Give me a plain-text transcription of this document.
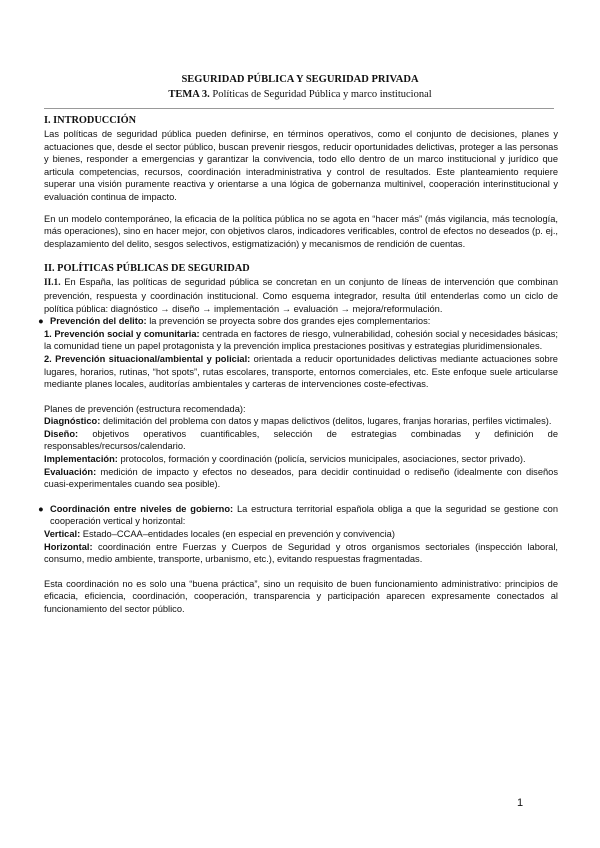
SEGURIDAD PÚBLICA Y SEGURIDAD PRIVADA
TEMA 3. Políticas de Seguridad Pública y marco institucional

I. INTRODUCCIÓN

Las políticas de seguridad pública pueden definirse, en términos operativos, como el conjunto de decisiones, planes y actuaciones que, desde el sector público, buscan prevenir riesgos, reducir oportunidades delictivas, proteger a las personas y bienes, responder a emergencias y garantizar la convivencia, todo ello dentro de un marco institucional y jurídico que articula competencias, recursos, coordinación interadministrativa y control de resultados. Este planteamiento requiere superar una visión puramente reactiva y orientarse a una lógica de gobernanza multinivel, cooperación interinstitucional y evaluación continua de impacto.

En un modelo contemporáneo, la eficacia de la política pública no se agota en “hacer más” (más vigilancia, más tecnología, más operaciones), sino en hacer mejor, con objetivos claros, indicadores verificables, control de efectos no deseados (p. ej., desplazamiento del delito, sesgos selectivos, estigmatización) y mecanismos de rendición de cuentas.

II. POLÍTICAS PÚBLICAS DE SEGURIDAD

II.1. En España, las políticas de seguridad pública se concretan en un conjunto de líneas de intervención que combinan prevención, respuesta y coordinación institucional. Como esquema integrador, resulta útil entenderlas como un ciclo de política pública: diagnóstico → diseño → implementación → evaluación → mejora/reformulación.

● Prevención del delito: la prevención se proyecta sobre dos grandes ejes complementarios:

1. Prevención social y comunitaria: centrada en factores de riesgo, vulnerabilidad, cohesión social y necesidades básicas; la comunidad tiene un papel protagonista y la prevención implica prestaciones positivas y estrategias pluridimensionales.

2. Prevención situacional/ambiental y policial: orientada a reducir oportunidades delictivas mediante actuaciones sobre lugares, horarios, rutinas, “hot spots”, rutas escolares, transporte, entornos comerciales, etc. Este enfoque suele articularse mediante planes locales, auditorías ambientales y carteras de intervenciones coste-efectivas.

Planes de prevención (estructura recomendada):

Diagnóstico: delimitación del problema con datos y mapas delictivos (delitos, lugares, franjas horarias, perfiles victimales).

Diseño: objetivos operativos cuantificables, selección de estrategias combinadas y definición de responsables/recursos/calendario.

Implementación: protocolos, formación y coordinación (policía, servicios municipales, asociaciones, sector privado).

Evaluación: medición de impacto y efectos no deseados, para decidir continuidad o rediseño (idealmente con diseños cuasi-experimentales cuando sea posible).

● Coordinación entre niveles de gobierno: La estructura territorial española obliga a que la seguridad se gestione con cooperación vertical y horizontal:

Vertical: Estado–CCAA–entidades locales (en especial en prevención y convivencia)

Horizontal: coordinación entre Fuerzas y Cuerpos de Seguridad y otros organismos sectoriales (inspección laboral, consumo, medio ambiente, transporte, urbanismo, etc.), evitando respuestas fragmentadas.

Esta coordinación no es solo una “buena práctica”, sino un requisito de buen funcionamiento administrativo: principios de eficacia, eficiencia, coordinación, cooperación, transparencia y participación aparecen expresamente conectados al funcionamiento del sector público.

1
